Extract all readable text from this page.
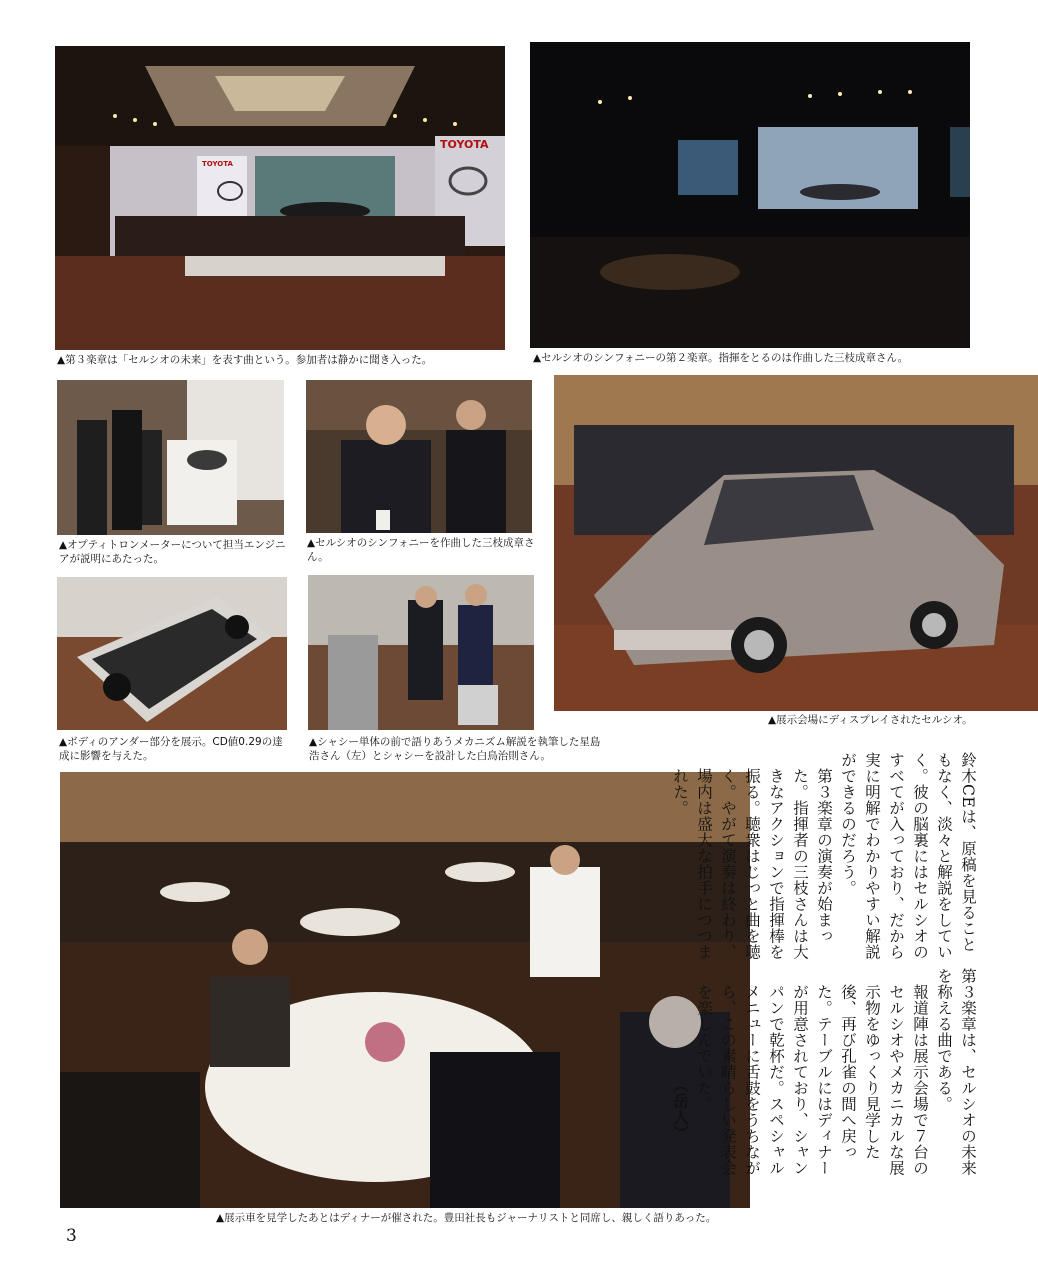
TOYOTA
TOYOTA
▲第３楽章は「セルシオの未来」を表す曲という。参加者は静かに聞き入った。	▲セルシオのシンフォニーの第２楽章。指揮をとるのは作曲した三枝成章さん。
▲オプティトロンメーターについて担当エンジニアが説明にあたった。
▲セルシオのシンフォニーを作曲した三枝成章さん。
▲展示会場にディスプレイされたセルシオ。
▲ボディのアンダー部分を展示。CD値0.29の達成に影響を与えた。
▲シャシー単体の前で語りあうメカニズム解説を執筆した星島浩さん（左）とシャシーを設計した白鳥治則さん。
▲展示車を見学したあとはディナーが催された。豊田社長もジャーナリストと同席し、親しく語りあった。

鈴木CEは、原稿を見ることもなく、淡々と解説をしていく。彼の脳裏にはセルシオのすべてが入っており、だから実に明解でわかりやすい解説ができるのだろう。

第３楽章の演奏が始まった。指揮者の三枝さんは大きなアクションで指揮棒を振る。聴衆はじっと曲を聴く。やがて演奏は終わり、場内は盛大な拍手につつまれた。

第３楽章は、セルシオの未来を称える曲である。

報道陣は展示会場で７台のセルシオやメカニカルな展示物をゆっくり見学した後、再び孔雀の間へ戻った。テーブルにはディナーが用意されており、シャンパンで乾杯だ。スペシャルメニューに舌鼓をうちながら、この素晴らしい発表会を楽しんでいた。

（岳人）

3
